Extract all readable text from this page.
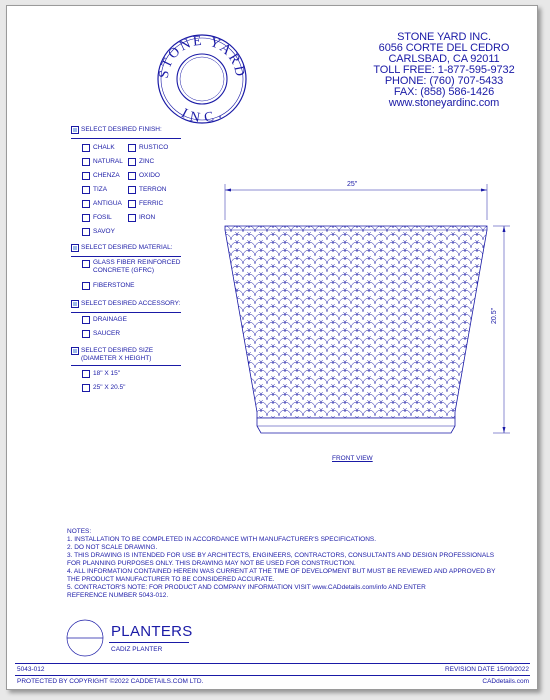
STONE YARD
INC.
STONE YARD INC.
6056 CORTE DEL CEDRO
CARLSBAD, CA 92011
TOLL FREE: 1-877-595-9732
PHONE: (760) 707-5433
FAX: (858) 586-1426
www.stoneyardinc.com
SELECT DESIRED FINISH:
CHALK	RUSTICO
NATURAL ZINC
CHENZA	OXIDO
TIZA	TERRON
ANTIGUA	FERRIC
FOSIL	IRON
SAVOY
SELECT DESIRED MATERIAL:
GLASS FIBER REINFORCED
CONCRETE (GFRC)
FIBERSTONE
SELECT DESIRED ACCESSORY:
DRAINAGE
SAUCER
SELECT DESIRED SIZE
(DIAMETER X HEIGHT)
18" X 15"
25" X 20.5"
25"
20.5"
FRONT VIEW
NOTES:
1. INSTALLATION TO BE COMPLETED IN ACCORDANCE WITH MANUFACTURER'S SPECIFICATIONS.
2. DO NOT SCALE DRAWING.
3. THIS DRAWING IS INTENDED FOR USE BY ARCHITECTS, ENGINEERS, CONTRACTORS, CONSULTANTS AND DESIGN PROFESSIONALS
FOR PLANNING PURPOSES ONLY. THIS DRAWING MAY NOT BE USED FOR CONSTRUCTION.
4. ALL INFORMATION CONTAINED HEREIN WAS CURRENT AT THE TIME OF DEVELOPMENT BUT MUST BE REVIEWED AND APPROVED BY
THE PRODUCT MANUFACTURER TO BE CONSIDERED ACCURATE.
5. CONTRACTOR'S NOTE: FOR PRODUCT AND COMPANY INFORMATION VISIT www.CADdetails.com/info AND ENTER
REFERENCE NUMBER 5043-012.
PLANTERS
CADIZ PLANTER
5043-012	REVISION DATE 15/09/2022
PROTECTED BY COPYRIGHT ©2022 CADDETAILS.COM LTD.	CADdetails.com
